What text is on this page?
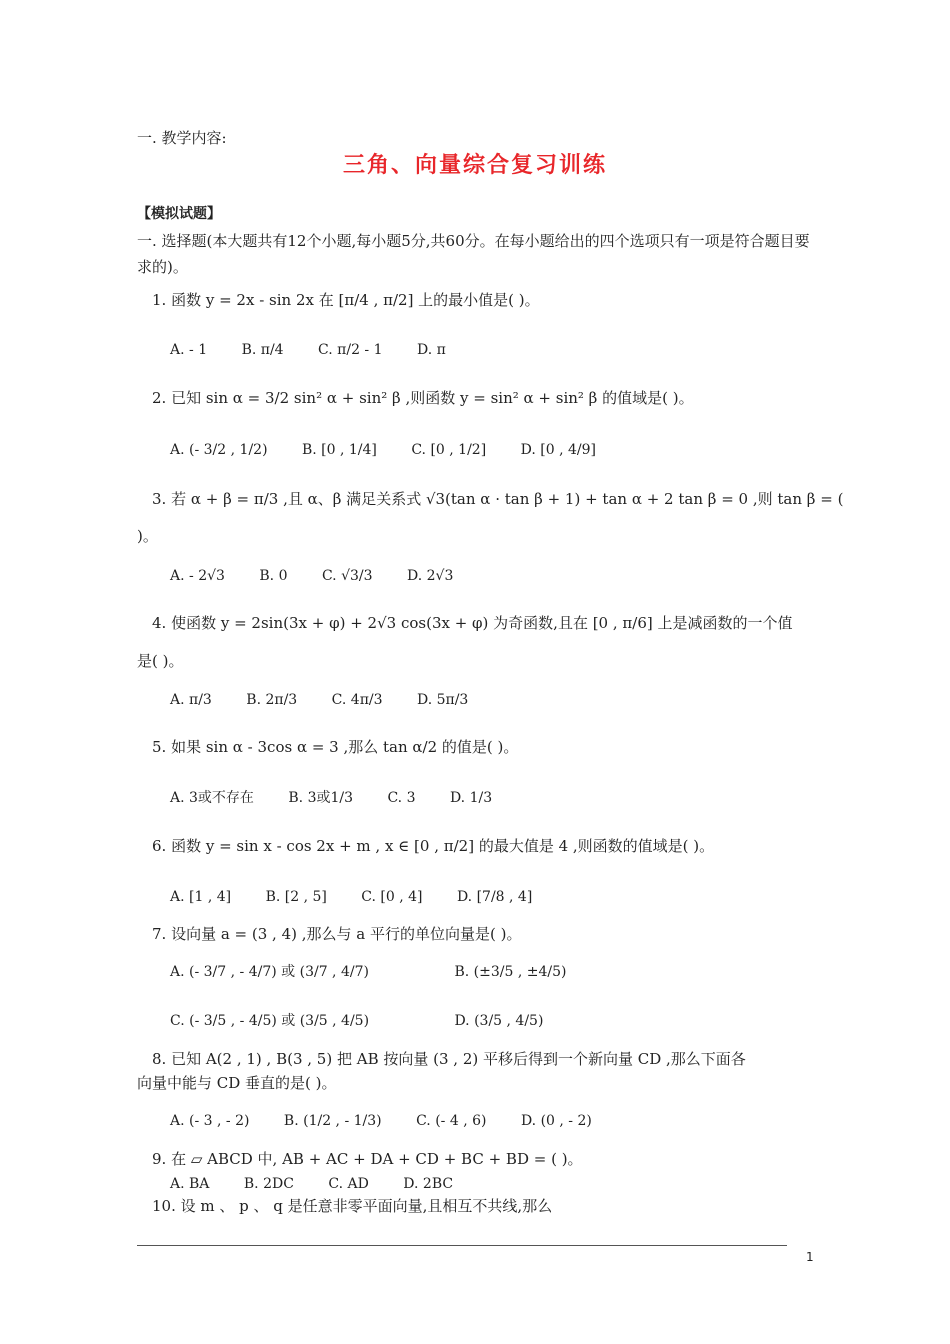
一. 教学内容:
三角、向量综合复习训练
【模拟试题】
一. 选择题(本大题共有12个小题,每小题5分,共60分。在每小题给出的四个选项只有一项是符合题目要求的)。
1. 函数 y = 2x - sin 2x 在 [π/4 , π/2] 上的最小值是( )。
A. - 1 B. π/4 C. π/2 - 1 D. π
2. 已知 sin α = 3/2 sin² α + sin² β ,则函数 y = sin² α + sin² β 的值域是( )。
A. (- 3/2 , 1/2) B. [0 , 1/4] C. [0 , 1/2] D. [0 , 4/9]
3. 若 α + β = π/3 ,且 α、β 满足关系式 √3(tan α · tan β + 1) + tan α + 2 tan β = 0 ,则 tan β = (
)。
A. - 2√3 B. 0 C. √3/3 D. 2√3
4. 使函数 y = 2sin(3x + φ) + 2√3 cos(3x + φ) 为奇函数,且在 [0 , π/6] 上是减函数的一个值
是( )。
A. π/3 B. 2π/3 C. 4π/3 D. 5π/3
5. 如果 sin α - 3cos α = 3 ,那么 tan α/2 的值是( )。
A. 3或不存在 B. 3或1/3 C. 3 D. 1/3
6. 函数 y = sin x - cos 2x + m , x ∈ [0 , π/2] 的最大值是 4 ,则函数的值域是( )。
A. [1 , 4] B. [2 , 5] C. [0 , 4] D. [7/8 , 4]
7. 设向量 a = (3 , 4) ,那么与 a 平行的单位向量是( )。
A. (- 3/7 , - 4/7) 或 (3/7 , 4/7)	B. (±3/5 , ±4/5)
C. (- 3/5 , - 4/5) 或 (3/5 , 4/5)	D. (3/5 , 4/5)
8. 已知 A(2 , 1) , B(3 , 5) 把 AB 按向量 (3 , 2) 平移后得到一个新向量 CD ,那么下面各
向量中能与 CD 垂直的是( )。
A. (- 3 , - 2) B. (1/2 , - 1/3) C. (- 4 , 6) D. (0 , - 2)
9. 在 ▱ ABCD 中, AB + AC + DA + CD + BC + BD = ( )。
A. BA B. 2DC C. AD D. 2BC
10. 设 m 、 p 、 q 是任意非零平面向量,且相互不共线,那么
1
